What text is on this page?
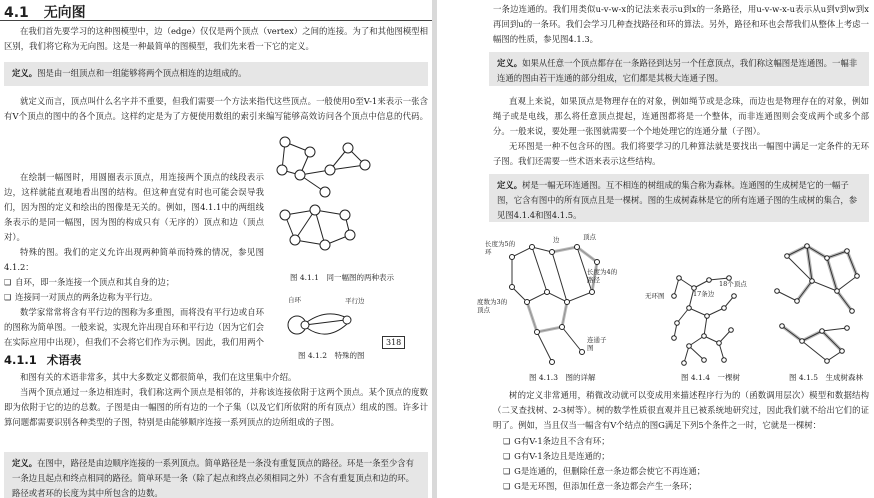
4.1 无向图
在我们首先要学习的这种图模型中，边（edge）仅仅是两个顶点（vertex）之间的连接。为了和其他图模型相区别，我们将它称为无向图。这是一种最简单的图模型，我们先来看一下它的定义。
定义。图是由一组顶点和一组能够将两个顶点相连的边组成的。
就定义而言，顶点叫什么名字并不重要，但我们需要一个方法来指代这些顶点。一般使用0至V-1来表示一张含有V个顶点的图中的各个顶点。这样约定是为了方便使用数组的索引来编写能够高效访问各个顶点中信息的代码。
在绘制一幅图时，用圆圈表示顶点，用连接两个顶点的线段表示边，这样就能直观地看出图的结构。但这种直觉有时也可能会误导我们，因为图的定义和绘出的图像是无关的。例如，图4.1.1中的两组线条表示的是同一幅图，因为图的构成只有（无序的）顶点和边（顶点对）。
特殊的图。我们的定义允许出现两种简单而特殊的情况，参见图4.1.2：
❑ 自环，即一条连接一个顶点和其自身的边；
❑ 连接同一对顶点的两条边称为平行边。
数学家常常将含有平行边的图称为多重图，而将没有平行边或自环的图称为简单图。一般来说，实现允许出现自环和平行边（因为它们会在实际应用中出现），但我们不会将它们作为示例。因此，我们用两个
图 4.1.1　同一幅图的两种表示
自环	平行边
图 4.1.2　特殊的图
318
4.1.1 术语表
和图有关的术语非常多，其中大多数定义都很简单，我们在这里集中介绍。
当两个顶点通过一条边相连时，我们称这两个顶点是相邻的，并称该连接依附于这两个顶点。某个顶点的度数即为依附于它的边的总数。子图是由一幅图的所有边的一个子集（以及它们所依附的所有顶点）组成的图。许多计算问题都需要识别各种类型的子图，特别是由能够顺序连接一系列顶点的边所组成的子图。
定义。在图中，路径是由边顺序连接的一系列顶点。简单路径是一条没有重复顶点的路径。环是一条至少含有一条边且起点和终点相同的路径。简单环是一条（除了起点和终点必须相同之外）不含有重复顶点和边的环。路径或者环的长度为其中所包含的边数。
一条边连通的。我们用类似u-v-w-x的记法来表示u到x的一条路径，用u-v-w-x-u表示从u到v到w到x再回到u的一条环。我们会学习几种查找路径和环的算法。另外，路径和环也会帮我们从整体上考虑一幅图的性质，参见图4.1.3。
定义。如果从任意一个顶点都存在一条路径到达另一个任意顶点，我们称这幅图是连通图。一幅非连通的图由若干连通的部分组成，它们都是其极大连通子图。
直观上来说，如果顶点是物理存在的对象，例如绳节或是念珠，而边也是物理存在的对象，例如绳子或是电线，那么将任意顶点提起，连通图都将是一个整体，而非连通图则会变成两个或多个部分。一般来说，要处理一张图就需要一个个地处理它的连通分量（子图）。
无环图是一种不包含环的图。我们将要学习的几种算法就是要找出一幅图中满足一定条件的无环子图。我们还需要一些术语来表示这些结构。
定义。树是一幅无环连通图。互不相连的树组成的集合称为森林。连通图的生成树是它的一幅子图，它含有图中的所有顶点且是一棵树。图的生成树森林是它的所有连通子图的生成树的集合，参见图4.1.4和图4.1.5。
长度为5的环
边	顶点
长度为4的路径
度数为3的顶点
连通子图
图 4.1.3　图的详解
无环图	17条边
18个顶点
图 4.1.4　一棵树	图 4.1.5　生成树森林
树的定义非常通用，稍微改动就可以变成用来描述程序行为的（函数调用层次）模型和数据结构（二叉查找树、2-3树等）。树的数学性质很直观并且已被系统地研究过，因此我们就不给出它们的证明了。例如，当且仅当一幅含有V个结点的图G满足下列5个条件之一时，它就是一棵树：
❑ G有V-1条边且不含有环；
❑ G有V-1条边且是连通的；
❑ G是连通的，但删除任意一条边都会使它不再连通；
❑ G是无环图，但添加任意一条边都会产生一条环；
